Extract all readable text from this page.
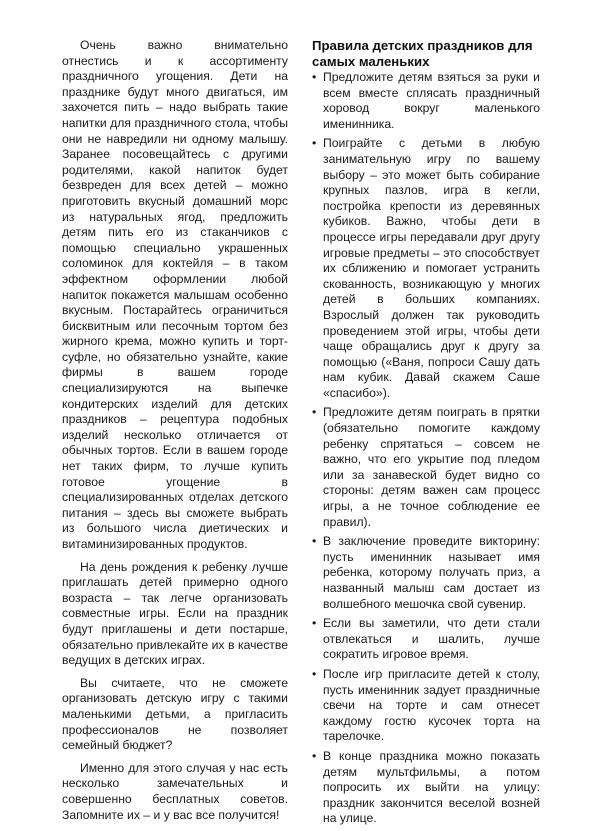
Очень важно внимательно отнестись и к ассортименту праздничного угощения. Дети на празднике будут много двигаться, им захочется пить – надо выбрать такие напитки для праздничного стола, чтобы они не навредили ни одному малышу. Заранее посовещайтесь с другими родителями, какой напиток будет безвреден для всех детей – можно приготовить вкусный домашний морс из натуральных ягод, предложить детям пить его из стаканчиков с помощью специально украшенных соломинок для коктейля – в таком эффектном оформлении любой напиток покажется малышам особенно вкусным. Постарайтесь ограничиться бисквитным или песочным тортом без жирного крема, можно купить и торт-суфле, но обязательно узнайте, какие фирмы в вашем городе специализируются на выпечке кондитерских изделий для детских праздников – рецептура подобных изделий несколько отличается от обычных тортов. Если в вашем городе нет таких фирм, то лучше купить готовое угощение в специализированных отделах детского питания – здесь вы сможете выбрать из большого числа диетических и витаминизированных продуктов.

На день рождения к ребенку лучше приглашать детей примерно одного возраста – так легче организовать совместные игры. Если на праздник будут приглашены и дети постарше, обязательно привлекайте их в качестве ведущих в детских играх.

Вы считаете, что не сможете организовать детскую игру с такими маленькими детьми, а пригласить профессионалов не позволяет семейный бюджет?

Именно для этого случая у нас есть несколько замечательных и совершенно бесплатных советов. Запомните их – и у вас все получится!

Правила детских праздников для самых маленьких
• Предложите детям взяться за руки и всем вместе сплясать праздничный хоровод вокруг маленького именинника.
• Поиграйте с детьми в любую занимательную игру по вашему выбору – это может быть собирание крупных пазлов, игра в кегли, постройка крепости из деревянных кубиков. Важно, чтобы дети в процессе игры передавали друг другу игровые предметы – это способствует их сближению и помогает устранить скованность, возникающую у многих детей в больших компаниях. Взрослый должен так руководить проведением этой игры, чтобы дети чаще обращались друг к другу за помощью («Ваня, попроси Сашу дать нам кубик. Давай скажем Саше «спасибо»).
• Предложите детям поиграть в прятки (обязательно помогите каждому ребенку спрятаться – совсем не важно, что его укрытие под пледом или за занавеской будет видно со стороны: детям важен сам процесс игры, а не точное соблюдение ее правил).
• В заключение проведите викторину: пусть именинник называет имя ребенка, которому получать приз, а названный малыш сам достает из волшебного мешочка свой сувенир.
• Если вы заметили, что дети стали отвлекаться и шалить, лучше сократить игровое время.
• После игр пригласите детей к столу, пусть именинник задует праздничные свечи на торте и сам отнесет каждому гостю кусочек торта на тарелочке.
• В конце праздника можно показать детям мультфильмы, а потом попросить их выйти на улицу: праздник закончится веселой возней на улице.
